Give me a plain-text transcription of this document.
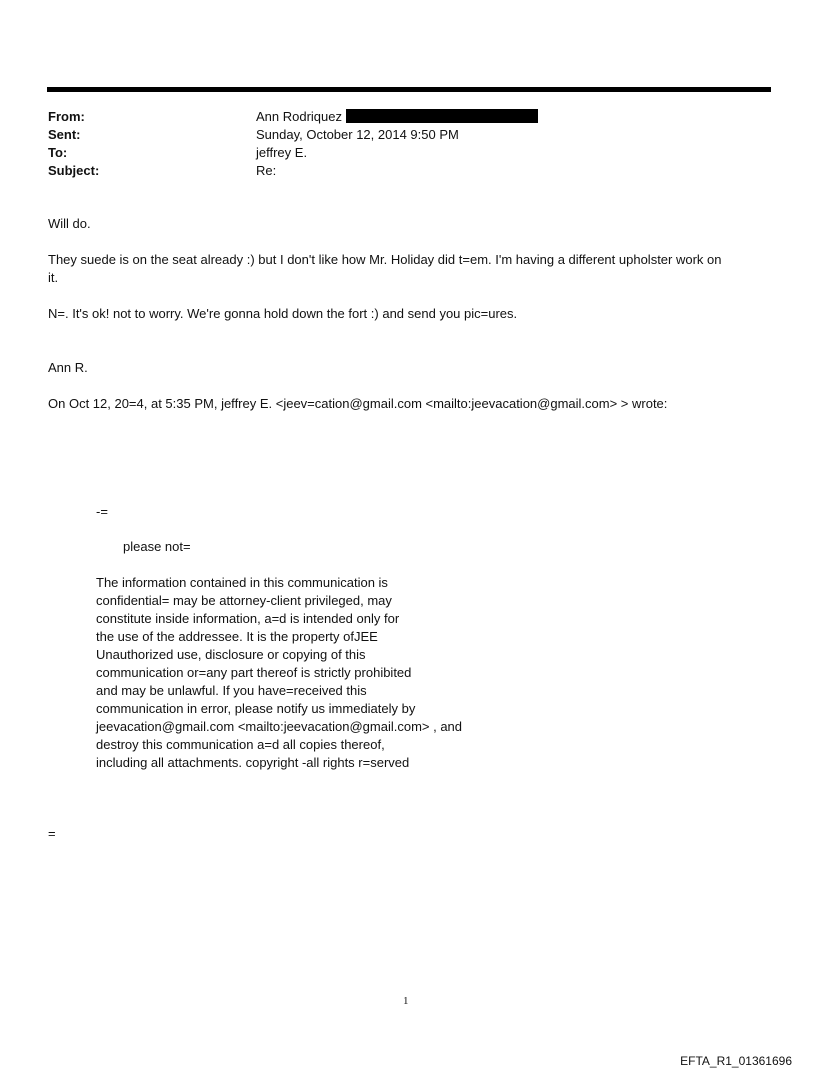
From:	Ann Rodriquez
Sent:	Sunday, October 12, 2014 9:50 PM
To:	jeffrey E.
Subject:	Re:
Will do.
They suede is on the seat already :) but I don't like how Mr. Holiday did t=em. I'm having a different upholster work on
it.
N=. It's ok! not to worry. We're gonna hold down the fort :) and send you pic=ures.
Ann R.
On Oct 12, 20=4, at 5:35 PM, jeffrey E. <jeev=cation@gmail.com <mailto:jeevacation@gmail.com> > wrote:
-=
please not=
The information contained in this communication is
confidential= may be attorney-client privileged, may
constitute inside information, a=d is intended only for
the use of the addressee. It is the property ofJEE
Unauthorized use, disclosure or copying of this
communication or=any part thereof is strictly prohibited
and may be unlawful. If you have=received this
communication in error, please notify us immediately by
jeevacation@gmail.com <mailto:jeevacation@gmail.com> , and
destroy this communication a=d all copies thereof,
including all attachments. copyright -all rights r=served
=
1
EFTA_R1_01361696
